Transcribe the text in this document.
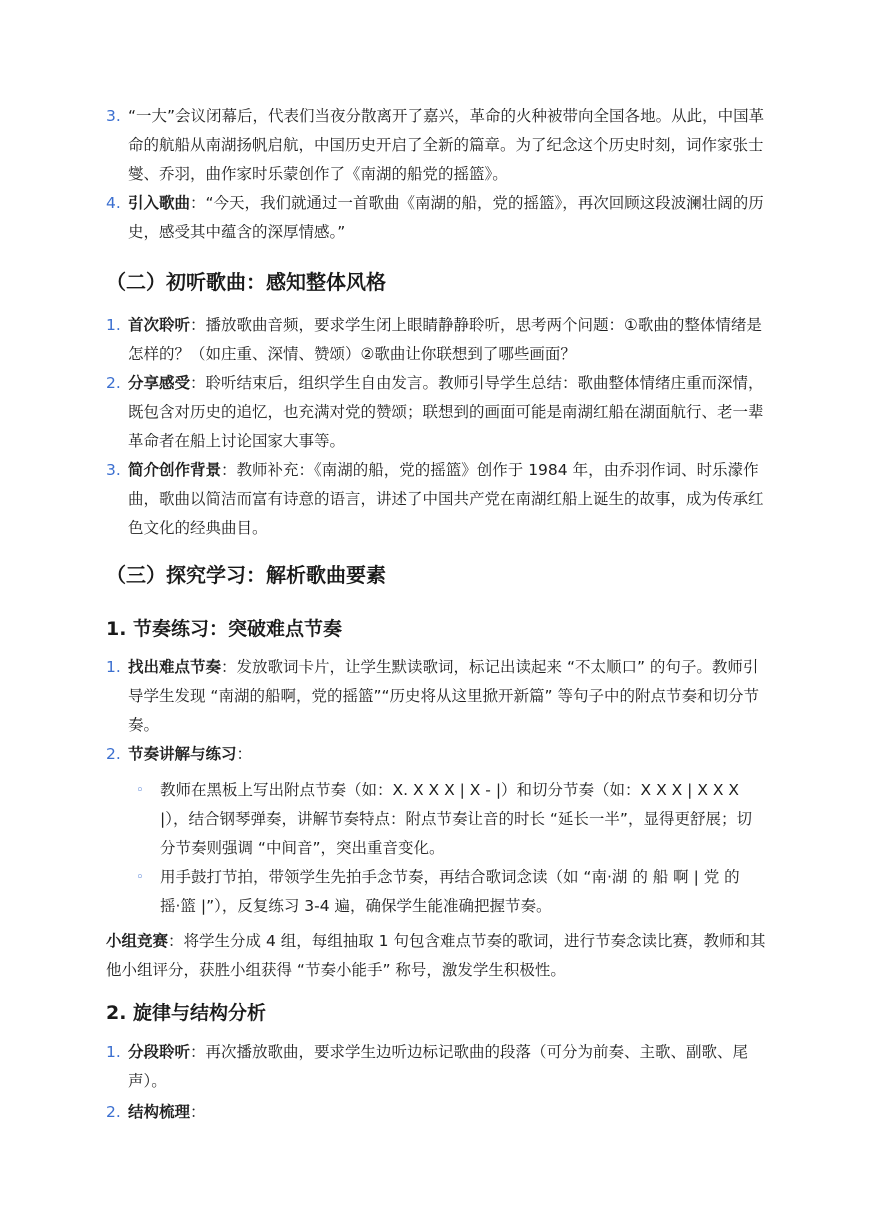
3. “一大”会议闭幕后，代表们当夜分散离开了嘉兴，革命的火种被带向全国各地。从此，中国革命的航船从南湖扬帆启航，中国历史开启了全新的篇章。为了纪念这个历史时刻，词作家张士燮、乔羽，曲作家时乐蒙创作了《南湖的船党的摇篮》。
4. 引入歌曲：“今天，我们就通过一首歌曲《南湖的船，党的摇篮》，再次回顾这段波澜壮阔的历史，感受其中蕴含的深厚情感。”
（二）初听歌曲：感知整体风格
1. 首次聆听：播放歌曲音频，要求学生闭上眼睛静静聆听，思考两个问题：①歌曲的整体情绪是怎样的？（如庄重、深情、赞颂）②歌曲让你联想到了哪些画面？
2. 分享感受：聆听结束后，组织学生自由发言。教师引导学生总结：歌曲整体情绪庄重而深情，既包含对历史的追忆，也充满对党的赞颂；联想到的画面可能是南湖红船在湖面航行、老一辈革命者在船上讨论国家大事等。
3. 简介创作背景：教师补充：《南湖的船，党的摇篮》创作于 1984 年，由乔羽作词、时乐濛作曲，歌曲以简洁而富有诗意的语言，讲述了中国共产党在南湖红船上诞生的故事，成为传承红色文化的经典曲目。
（三）探究学习：解析歌曲要素
1. 节奏练习：突破难点节奏
1. 找出难点节奏：发放歌词卡片，让学生默读歌词，标记出读起来 “不太顺口” 的句子。教师引导学生发现 “南湖的船啊，党的摇篮”“历史将从这里掀开新篇” 等句子中的附点节奏和切分节奏。
2. 节奏讲解与练习：
◦ 教师在黑板上写出附点节奏（如：X. X X X | X - |）和切分节奏（如：X X X | X X X |），结合钢琴弹奏，讲解节奏特点：附点节奏让音的时长 “延长一半”，显得更舒展；切分节奏则强调 “中间音”，突出重音变化。
◦ 用手鼓打节拍，带领学生先拍手念节奏，再结合歌词念读（如 “南·湖 的 船 啊 | 党 的 摇·篮 |”），反复练习 3-4 遍，确保学生能准确把握节奏。
小组竞赛：将学生分成 4 组，每组抽取 1 句包含难点节奏的歌词，进行节奏念读比赛，教师和其他小组评分，获胜小组获得 “节奏小能手” 称号，激发学生积极性。
2. 旋律与结构分析
1. 分段聆听：再次播放歌曲，要求学生边听边标记歌曲的段落（可分为前奏、主歌、副歌、尾声）。
2. 结构梳理：
